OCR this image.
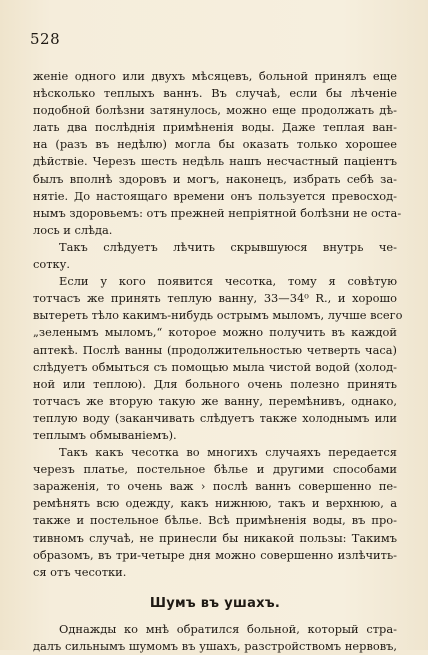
528
женіе одного или двухъ мѣсяцевъ, больной принялъ еще
нѣсколько теплыхъ ваннъ. Въ случаѣ, если бы лѣченіе
подобной болѣзни затянулось, можно еще продолжать дѣ-
лать два послѣднія примѣненія воды. Даже теплая ван-
на (разъ въ недѣлю) могла бы оказать только хорошее
дѣйствіе. Черезъ шесть недѣль нашъ несчастный паціентъ
былъ вполнѣ здоровъ и могъ, наконецъ, избрать себѣ за-
нятіе. До настоящаго времени онъ пользуется превосход-
нымъ здоровьемъ: отъ прежней непріятной болѣзни не оста-
лось и слѣда.
Такъ слѣдуетъ лѣчить скрывшуюся внутрь че-
сотку.
Если у кого появится чесотка, тому я совѣтую
тотчасъ же принять теплую ванну, 33—34⁰ R., и хорошо
вытереть тѣло какимъ-нибудь острымъ мыломъ, лучше всего
„зеленымъ мыломъ,“ которое можно получить въ каждой
аптекѣ. Послѣ ванны (продолжительностью четверть часа)
слѣдуетъ обмыться съ помощью мыла чистой водой (холод-
ной или теплою). Для больного очень полезно принять
тотчасъ же вторую такую же ванну, перемѣнивъ, однако,
теплую воду (заканчивать слѣдуетъ также холоднымъ или
теплымъ обмываніемъ).
Такъ какъ чесотка во многихъ случаяхъ передается
черезъ платье, постельное бѣлье и другими способами
зараженія, то очень важ › послѣ ваннъ совершенно пе-
ремѣнять всю одежду, какъ нижнюю, такъ и верхнюю, а
также и постельное бѣлье. Всѣ примѣненія воды, въ про-
тивномъ случаѣ, не принесли бы никакой пользы: Такимъ
образомъ, въ три-четыре дня можно совершенно излѣчить-
ся отъ чесотки.
Шумъ въ ушахъ.
Однажды ко мнѣ обратился больной, который стра-
далъ сильнымъ шумомъ въ ушахъ, разстройствомъ нервовъ,
